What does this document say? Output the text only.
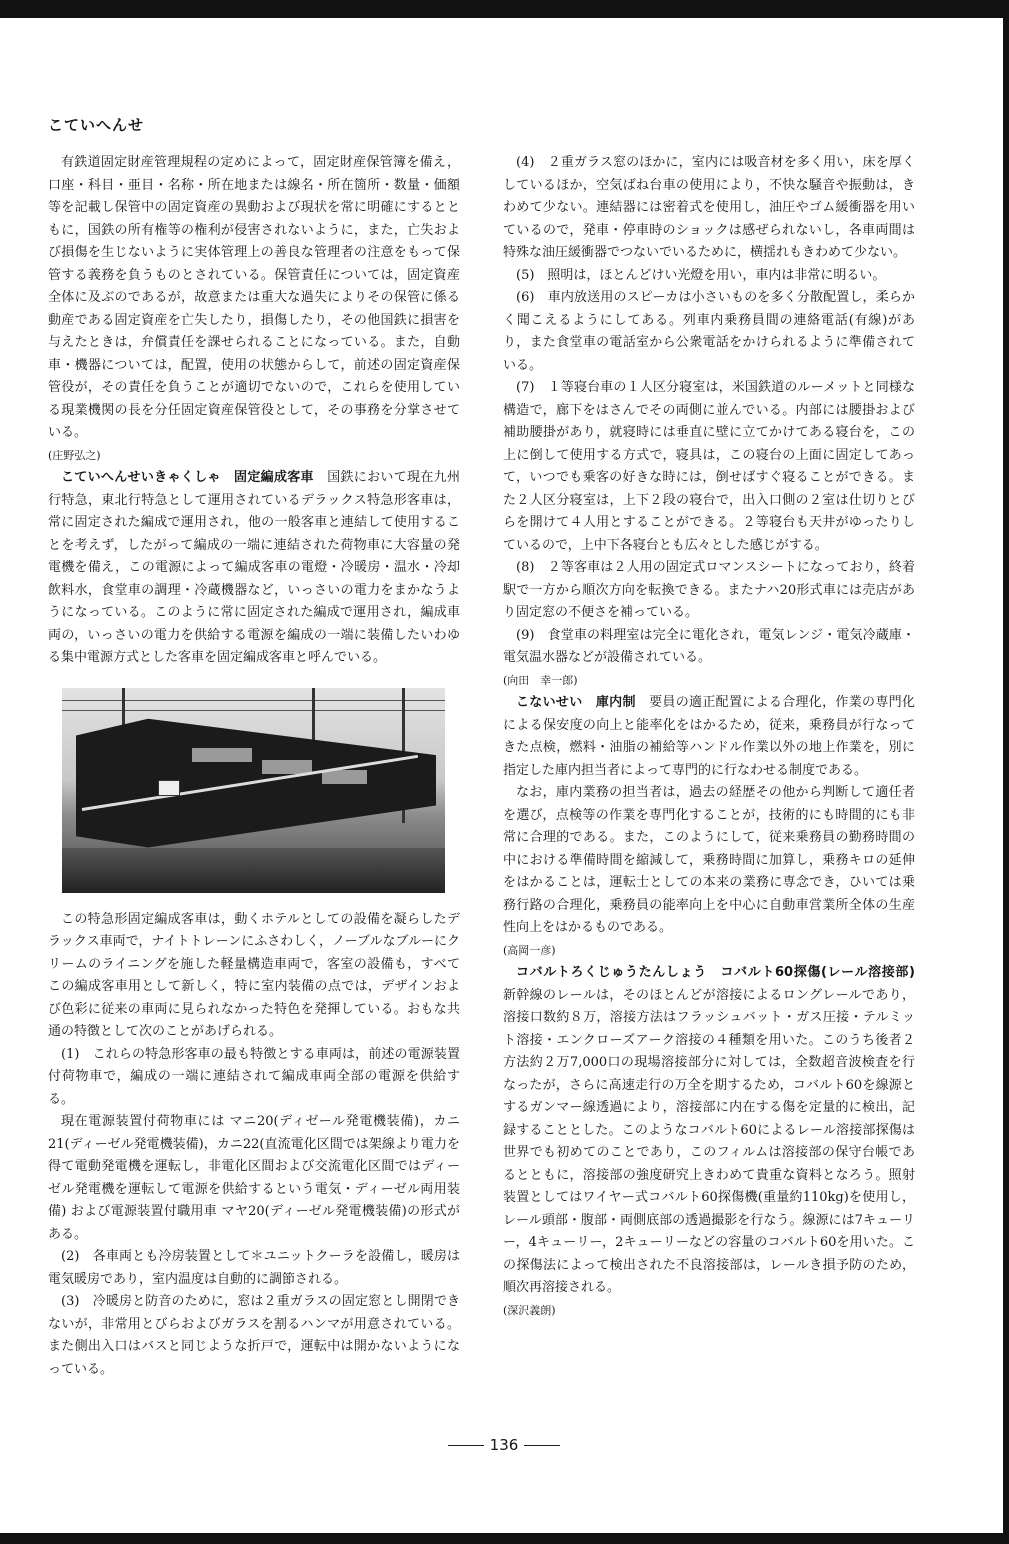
こていへんせ

有鉄道固定財産管理規程の定めによって，固定財産保管簿を備え，口座・科目・亜目・名称・所在地または線名・所在箇所・数量・価額等を記載し保管中の固定資産の異動および現状を常に明確にするとともに，国鉄の所有権等の権利が侵害されないように，また，亡失および損傷を生じないように実体管理上の善良な管理者の注意をもって保管する義務を負うものとされている。保管責任については，固定資産全体に及ぶのであるが，故意または重大な過失によりその保管に係る動産である固定資産を亡失したり，損傷したり，その他国鉄に損害を与えたときは，弁償責任を課せられることになっている。また，自動車・機器については，配置，使用の状態からして，前述の固定資産保管役が，その責任を負うことが適切でないので，これらを使用している現業機関の長を分任固定資産保管役として，その事務を分掌させている。

(庄野弘之)

こていへんせいきゃくしゃ　固定編成客車　 国鉄において現在九州行特急，東北行特急として運用されているデラックス特急形客車は，常に固定された編成で運用され，他の一般客車と連結して使用することを考えず，したがって編成の一端に連結された荷物車に大容量の発電機を備え，この電源によって編成客車の電燈・冷暖房・温水・冷却飲料水，食堂車の調理・冷蔵機器など，いっさいの電力をまかなうようになっている。このように常に固定された編成で運用され，編成車両の，いっさいの電力を供給する電源を編成の一端に装備したいわゆる集中電源方式とした客車を固定編成客車と呼んでいる。

この特急形固定編成客車は，動くホテルとしての設備を凝らしたデラックス車両で，ナイトトレーンにふさわしく，ノーブルなブルーにクリームのライニングを施した軽量構造車両で，客室の設備も，すべてこの編成客車用として新しく，特に室内装備の点では，デザインおよび色彩に従来の車両に見られなかった特色を発揮している。おもな共通の特徴として次のことがあげられる。

(1)　これらの特急形客車の最も特徴とする車両は，前述の電源装置付荷物車で，編成の一端に連結されて編成車両全部の電源を供給する。

現在電源装置付荷物車には マニ20(ディゼール発電機装備)，カニ21(ディーゼル発電機装備)，カニ22(直流電化区間では架線より電力を得て電動発電機を運転し，非電化区間および交流電化区間ではディーゼル発電機を運転して電源を供給するという電気・ディーゼル両用装備) および電源装置付職用車 マヤ20(ディーゼル発電機装備)の形式がある。

(2)　各車両とも冷房装置として＊ユニットクーラを設備し，暖房は電気暖房であり，室内温度は自動的に調節される。

(3)　冷暖房と防音のために，窓は２重ガラスの固定窓とし開閉できないが，非常用とびらおよびガラスを割るハンマが用意されている。また側出入口はバスと同じような折戸で，運転中は開かないようになっている。

(4)　２重ガラス窓のほかに，室内には吸音材を多く用い，床を厚くしているほか，空気ばね台車の使用により，不快な騒音や振動は，きわめて少ない。連結器には密着式を使用し，油圧やゴム緩衝器を用いているので，発車・停車時のショックは感ぜられないし，各車両間は特殊な油圧緩衝器でつないでいるために，横揺れもきわめて少ない。

(5)　照明は，ほとんどけい光燈を用い，車内は非常に明るい。

(6)　車内放送用のスピーカは小さいものを多く分散配置し，柔らかく聞こえるようにしてある。列車内乗務員間の連絡電話(有線)があり，また食堂車の電話室から公衆電話をかけられるように準備されている。

(7)　１等寝台車の１人区分寝室は，米国鉄道のルーメットと同様な構造で，廊下をはさんでその両側に並んでいる。内部には腰掛および補助腰掛があり，就寝時には垂直に壁に立てかけてある寝台を，この上に倒して使用する方式で，寝具は，この寝台の上面に固定してあって，いつでも乗客の好きな時には，倒せばすぐ寝ることができる。また２人区分寝室は，上下２段の寝台で，出入口側の２室は仕切りとびらを開けて４人用とすることができる。２等寝台も天井がゆったりしているので，上中下各寝台とも広々とした感じがする。

(8)　２等客車は２人用の固定式ロマンスシートになっており，終着駅で一方から順次方向を転換できる。またナハ20形式車には売店があり固定窓の不便さを補っている。

(9)　食堂車の料理室は完全に電化され，電気レンジ・電気冷蔵庫・電気温水器などが設備されている。

(向田　幸一郎)

こないせい　庫内制　 要員の適正配置による合理化，作業の専門化による保安度の向上と能率化をはかるため，従来，乗務員が行なってきた点検，燃料・油脂の補給等ハンドル作業以外の地上作業を，別に指定した庫内担当者によって専門的に行なわせる制度である。

なお，庫内業務の担当者は，過去の経歴その他から判断して適任者を選び，点検等の作業を専門化することが，技術的にも時間的にも非常に合理的である。また，このようにして，従来乗務員の勤務時間の中における準備時間を縮減して，乗務時間に加算し，乗務キロの延伸をはかることは，運転士としての本来の業務に専念でき，ひいては乗務行路の合理化，乗務員の能率向上を中心に自動車営業所全体の生産性向上をはかるものである。

(高岡一彦)

コバルトろくじゅうたんしょう　コバルト60探傷(レール溶接部)　新幹線のレールは，そのほとんどが溶接によるロングレールであり，溶接口数約８万，溶接方法はフラッシュバット・ガス圧接・テルミット溶接・エンクローズアーク溶接の４種類を用いた。このうち後者２方法約２万7,000口の現場溶接部分に対しては，全数超音波検査を行なったが，さらに高速走行の万全を期するため，コバルト60を線源とするガンマー線透過により，溶接部に内在する傷を定量的に検出，記録することとした。このようなコバルト60によるレール溶接部探傷は世界でも初めてのことであり，このフィルムは溶接部の保守台帳であるとともに，溶接部の強度研究上きわめて貴重な資料となろう。照射装置としてはワイヤー式コバルト60探傷機(重量約110kg)を使用し，レール頭部・腹部・両側底部の透過撮影を行なう。線源には7キューリー，4キューリー，2キューリーなどの容量のコバルト60を用いた。この探傷法によって検出された不良溶接部は，レールき損予防のため，順次再溶接される。

(深沢義朗)

136
